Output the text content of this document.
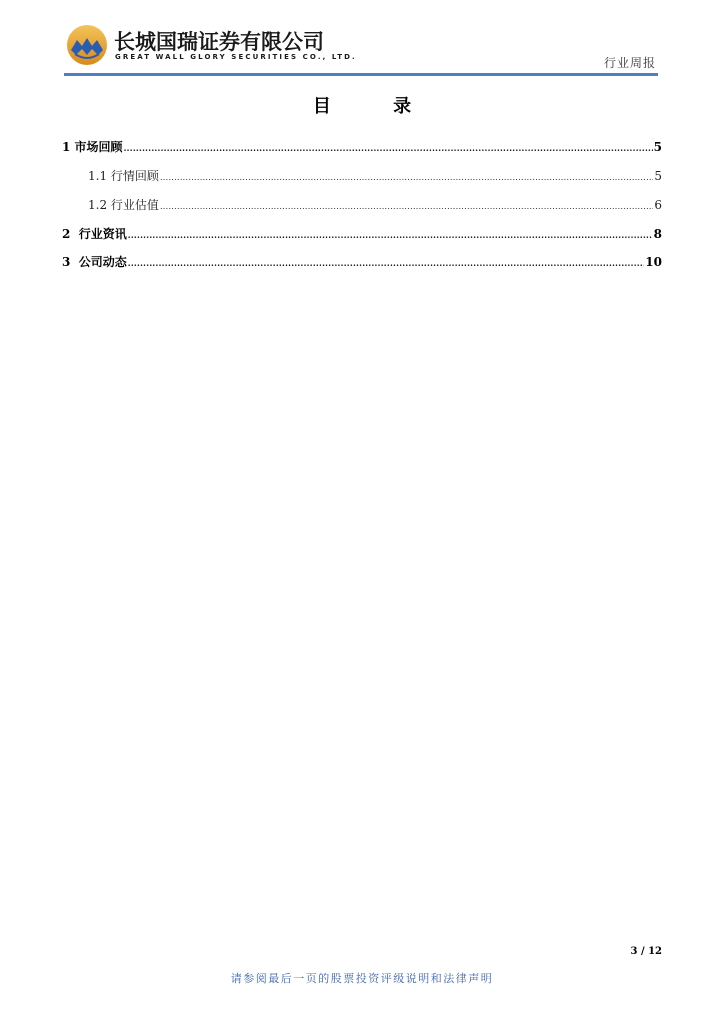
长城国瑞证券有限公司
GREAT WALL GLORY SECURITIES CO., LTD.	行业周报
目 录
1 市场回顾 .....	5
1.1 行情回顾 .....	5
1.2 行业估值 .....	6
2 行业资讯 .....	8
3 公司动态 .....	10
3 / 12
请参阅最后一页的股票投资评级说明和法律声明
